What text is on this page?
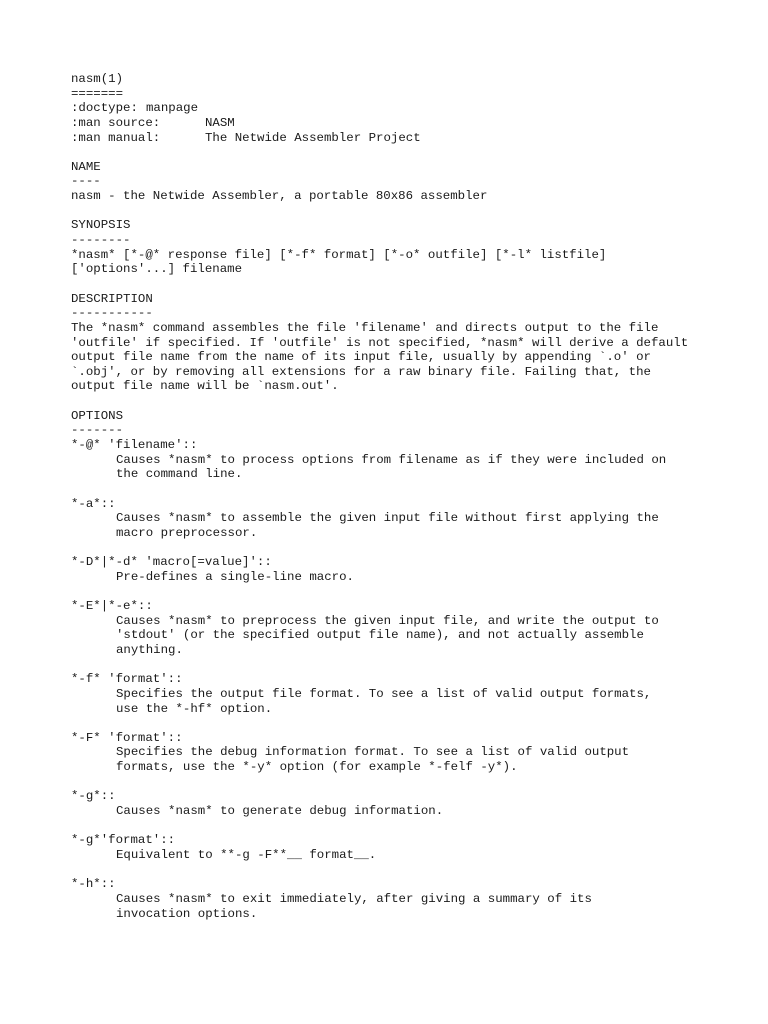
nasm(1)
=======
:doctype: manpage
:man source:	NASM
:man manual:	The Netwide Assembler Project
NAME
----
nasm - the Netwide Assembler, a portable 80x86 assembler
SYNOPSIS
--------
*nasm* [*-@* response file] [*-f* format] [*-o* outfile] [*-l* listfile]
['options'...] filename
DESCRIPTION
-----------
The *nasm* command assembles the file 'filename' and directs output to the file
'outfile' if specified. If 'outfile' is not specified, *nasm* will derive a default
output file name from the name of its input file, usually by appending `.o' or
`.obj', or by removing all extensions for a raw binary file. Failing that, the
output file name will be `nasm.out'.
OPTIONS
-------
*-@* 'filename'::
Causes *nasm* to process options from filename as if they were included on
the command line.
*-a*::
Causes *nasm* to assemble the given input file without first applying the
macro preprocessor.
*-D*|*-d* 'macro[=value]'::
Pre-defines a single-line macro.
*-E*|*-e*::
Causes *nasm* to preprocess the given input file, and write the output to
'stdout' (or the specified output file name), and not actually assemble
anything.
*-f* 'format'::
Specifies the output file format. To see a list of valid output formats,
use the *-hf* option.
*-F* 'format'::
Specifies the debug information format. To see a list of valid output
formats, use the *-y* option (for example *-felf -y*).
*-g*::
Causes *nasm* to generate debug information.
*-g*'format'::
Equivalent to **-g -F**__ format__.
*-h*::
Causes *nasm* to exit immediately, after giving a summary of its
invocation options.
